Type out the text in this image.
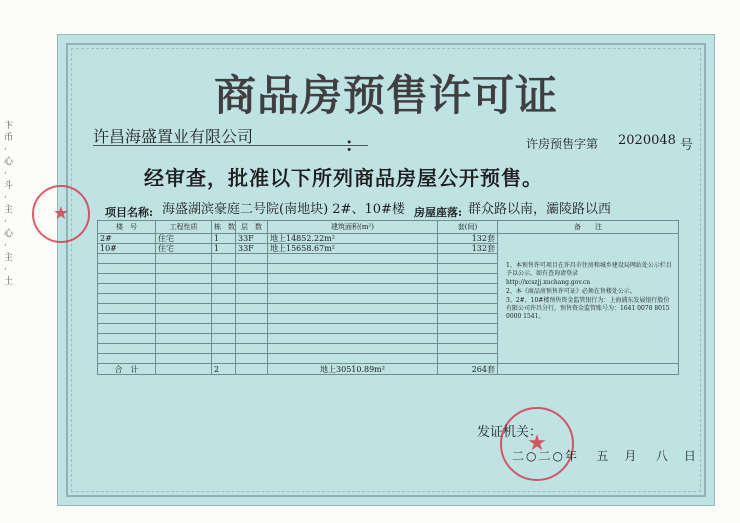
卞
币
·
心
·
斗
·
主
·
心
·
主
·
土
★
商品房预售许可证
许昌海盛置业有限公司	：	许房预售字第 2020048 号
经审查，批准以下所列商品房屋公开预售。
项目名称: 海盛湖滨豪庭二号院(南地块) 2#、10#楼 房屋座落: 群众路以南，灞陵路以西
楼　号	工程性质	栋　数	层　数	建筑面积(m²)	套(间)	备　　注
2#	住宅	1	33F	地上14852.22m²	132套	1、本预售许可项目在许昌市住房和城乡建设局网站处公示栏目予以公示，如有查询请登录

http://xcszjj.xuchang.gov.cn

2、本《商品房预售许可证》必须在售楼处公示。

3、2#、10#楼预售资金监管银行为：上海浦东发展银行股份有限公司许昌分行，预售资金监管账号为：1641 0078 8015 0000 1541。

10#	住宅	1	33F	地上15658.67m²	132套	

合　计		2		地上30510.89m²	264套	
★
发证机关：
二○二○年 五　月 八　日
